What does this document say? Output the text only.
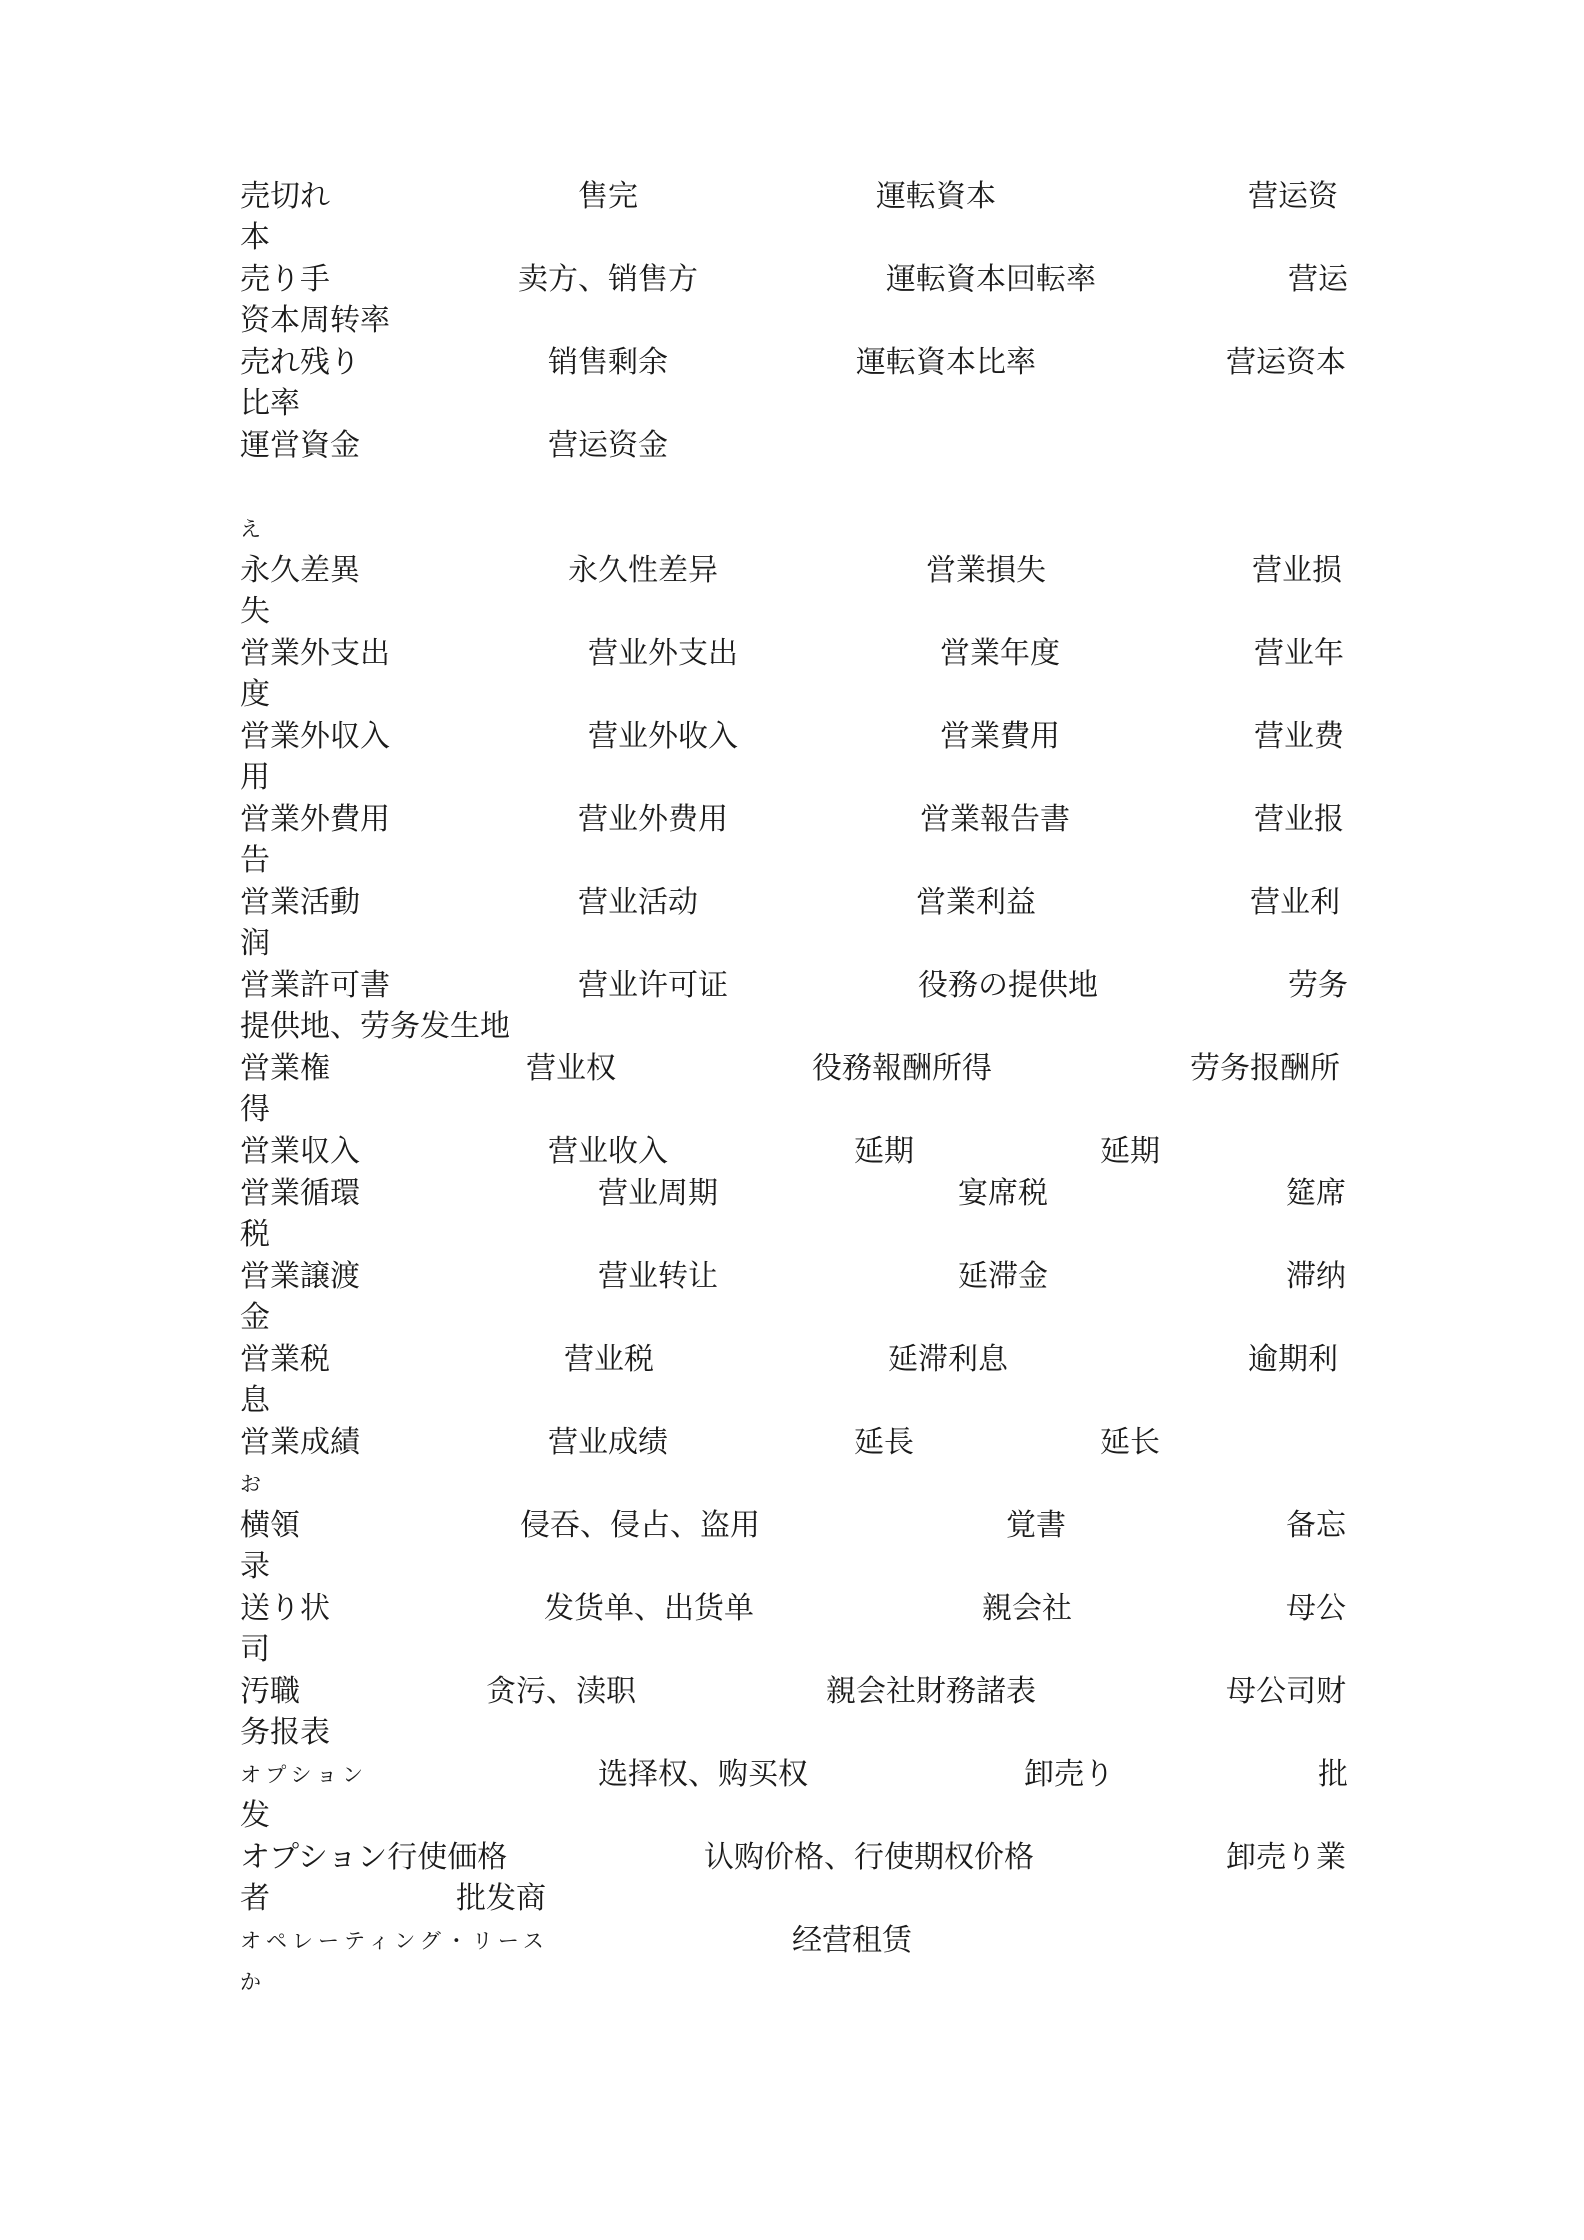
売切れ	售完	運転資本	营运资
本
売り手	卖方、销售方	運転資本回転率	营运
资本周转率
売れ残り	销售剩余	運転資本比率	营运资本
比率
運営資金	营运资金
え
永久差異	永久性差异	営業損失	营业损
失
営業外支出	营业外支出	営業年度	营业年
度
営業外収入	营业外收入	営業費用	营业费
用
営業外費用	营业外费用	営業報告書	营业报
告
営業活動	营业活动	営業利益	营业利
润
営業許可書	营业许可证	役務の提供地	劳务
提供地、劳务发生地
営業権	营业权	役務報酬所得	劳务报酬所
得
営業収入	营业收入	延期	延期
営業循環	营业周期	宴席税	筵席
税
営業譲渡	营业转让	延滞金	滞纳
金
営業税	营业税	延滞利息	逾期利
息
営業成績	营业成绩	延長	延长
お
横領	侵吞、侵占、盗用	覚書	备忘
录
送り状	发货单、出货单	親会社	母公
司
汚職	贪污、渎职	親会社財務諸表	母公司财
务报表
オプション	选择权、购买权	卸売り	批
发
オプション行使価格	认购价格、行使期权价格	卸売り業
者	批发商
オペレーティング・リース	经营租赁
か
